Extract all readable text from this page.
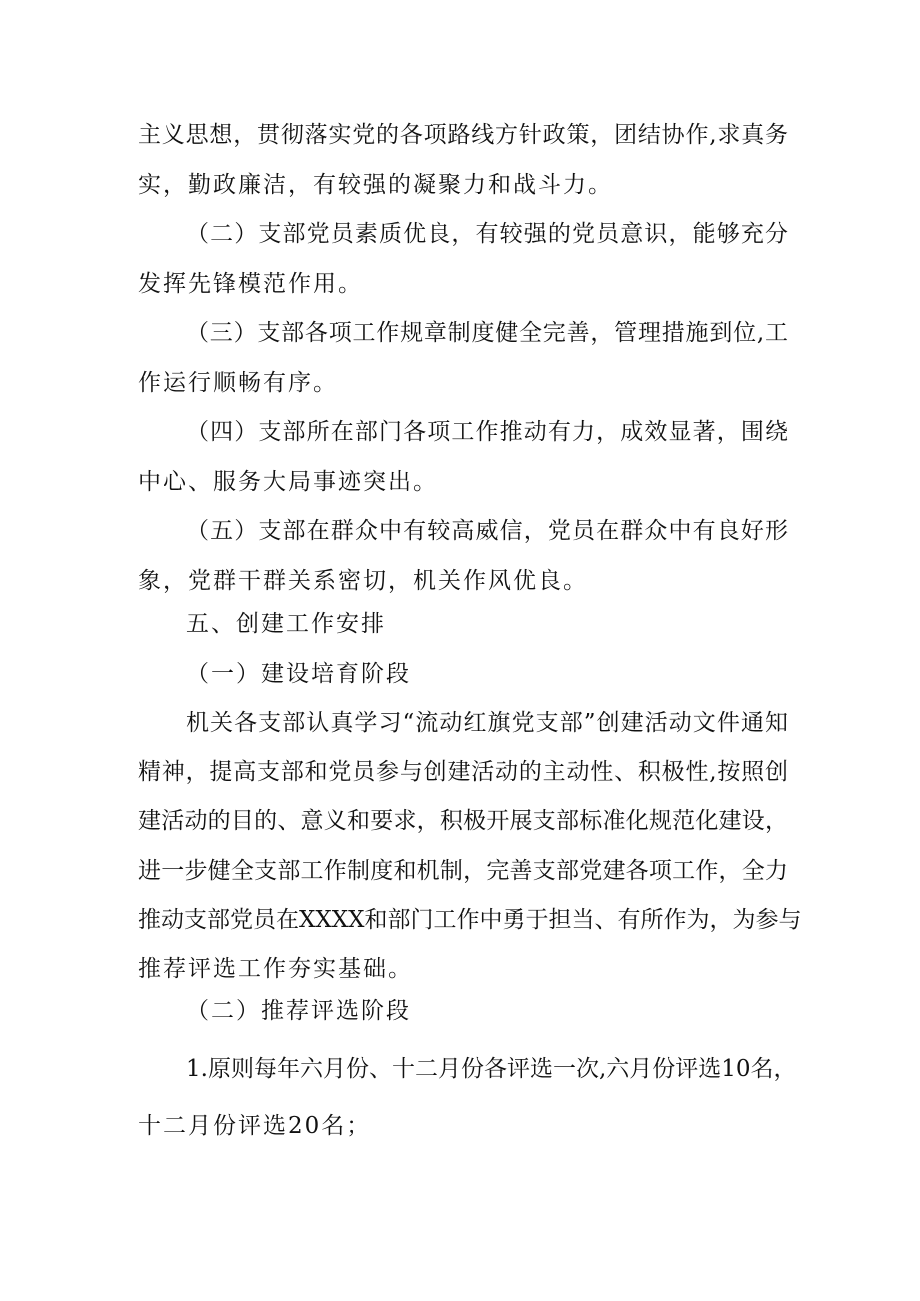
主义思想，贯彻落实党的各项路线方针政策，团结协作,求真务
实，勤政廉洁，有较强的凝聚力和战斗力。
（二）支部党员素质优良，有较强的党员意识，能够充分
发挥先锋模范作用。
（三）支部各项工作规章制度健全完善，管理措施到位,工
作运行顺畅有序。
（四）支部所在部门各项工作推动有力，成效显著，围绕
中心、服务大局事迹突出。
（五）支部在群众中有较高威信，党员在群众中有良好形
象，党群干群关系密切，机关作风优良。
五、创建工作安排
（一）建设培育阶段
机关各支部认真学习“流动红旗党支部”创建活动文件通知
精神，提高支部和党员参与创建活动的主动性、积极性,按照创
建活动的目的、意义和要求，积极开展支部标准化规范化建设，
进一步健全支部工作制度和机制，完善支部党建各项工作，全力
推动支部党员在XXXX和部门工作中勇于担当、有所作为，为参与
推荐评选工作夯实基础。
（二）推荐评选阶段
1.原则每年六月份、十二月份各评选一次,六月份评选10名，
十二月份评选20名；
